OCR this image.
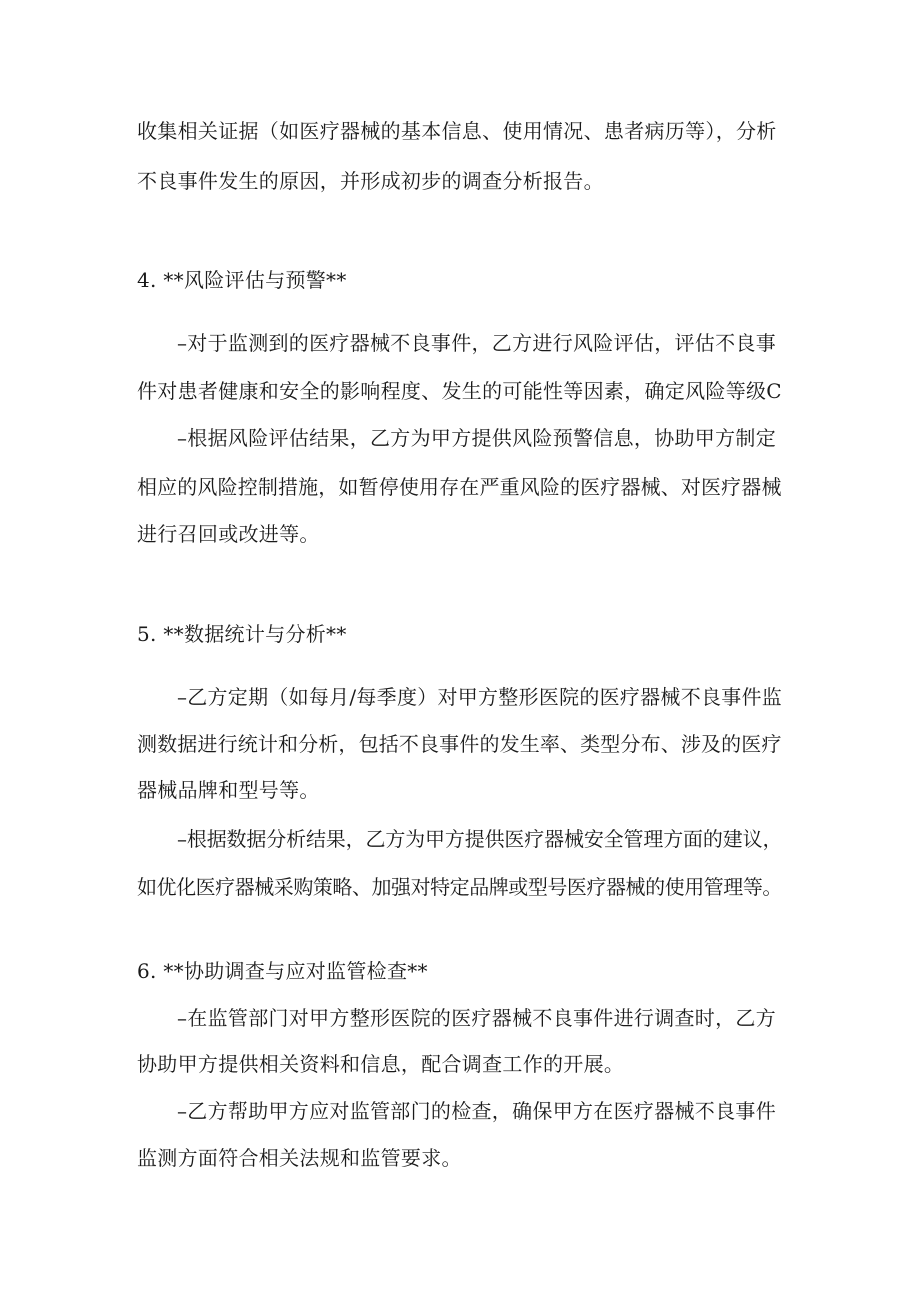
收集相关证据（如医疗器械的基本信息、使用情况、患者病历等），分析
不良事件发生的原因，并形成初步的调查分析报告。
4. **风险评估与预警**
–对于监测到的医疗器械不良事件，乙方进行风险评估，评估不良事
件对患者健康和安全的影响程度、发生的可能性等因素，确定风险等级C
–根据风险评估结果，乙方为甲方提供风险预警信息，协助甲方制定
相应的风险控制措施，如暂停使用存在严重风险的医疗器械、对医疗器械
进行召回或改进等。
5. **数据统计与分析**
–乙方定期（如每月/每季度）对甲方整形医院的医疗器械不良事件监
测数据进行统计和分析，包括不良事件的发生率、类型分布、涉及的医疗
器械品牌和型号等。
–根据数据分析结果，乙方为甲方提供医疗器械安全管理方面的建议，
如优化医疗器械采购策略、加强对特定品牌或型号医疗器械的使用管理等。
6. **协助调查与应对监管检查**
–在监管部门对甲方整形医院的医疗器械不良事件进行调查时，乙方
协助甲方提供相关资料和信息，配合调查工作的开展。
–乙方帮助甲方应对监管部门的检查，确保甲方在医疗器械不良事件
监测方面符合相关法规和监管要求。
